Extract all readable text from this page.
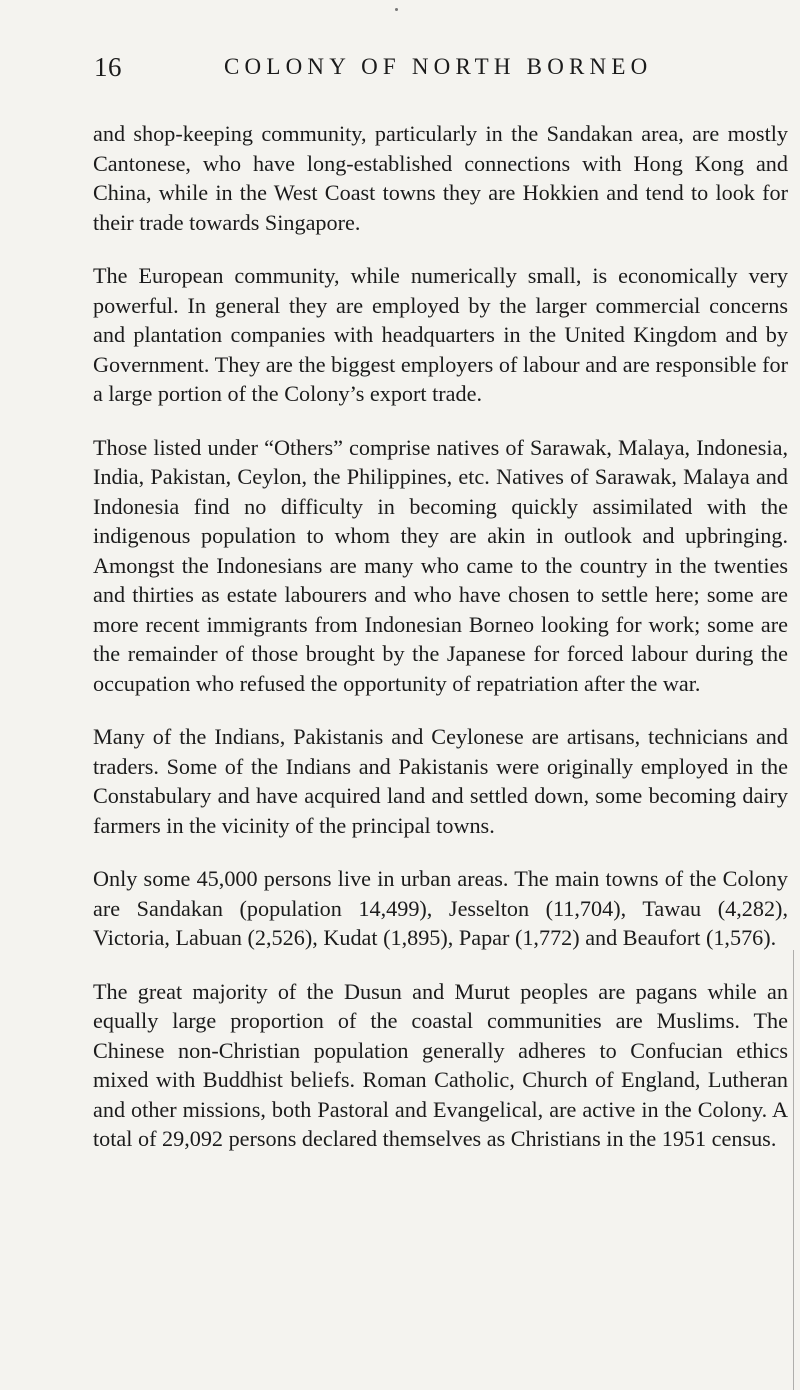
16	COLONY OF NORTH BORNEO

and shop-keeping community, particularly in the Sandakan area, are mostly Cantonese, who have long-established connections with Hong Kong and China, while in the West Coast towns they are Hokkien and tend to look for their trade towards Singapore.

The European community, while numerically small, is economically very powerful. In general they are employed by the larger commercial concerns and plantation companies with headquarters in the United Kingdom and by Government. They are the biggest employers of labour and are responsible for a large portion of the Colony’s export trade.

Those listed under “Others” comprise natives of Sarawak, Malaya, Indonesia, India, Pakistan, Ceylon, the Philippines, etc. Natives of Sarawak, Malaya and Indonesia find no difficulty in becoming quickly assimilated with the indigenous population to whom they are akin in outlook and upbringing. Amongst the Indonesians are many who came to the country in the twenties and thirties as estate labourers and who have chosen to settle here; some are more recent immigrants from Indonesian Borneo looking for work; some are the remainder of those brought by the Japanese for forced labour during the occupation who refused the opportunity of repatriation after the war.

Many of the Indians, Pakistanis and Ceylonese are artisans, technicians and traders. Some of the Indians and Pakistanis were originally employed in the Constabulary and have acquired land and settled down, some becoming dairy farmers in the vicinity of the principal towns.

Only some 45,000 persons live in urban areas. The main towns of the Colony are Sandakan (population 14,499), Jesselton (11,704), Tawau (4,282), Victoria, Labuan (2,526), Kudat (1,895), Papar (1,772) and Beaufort (1,576).

The great majority of the Dusun and Murut peoples are pagans while an equally large proportion of the coastal communities are Muslims. The Chinese non-Christian population generally adheres to Confucian ethics mixed with Buddhist beliefs. Roman Catholic, Church of England, Lutheran and other missions, both Pastoral and Evangelical, are active in the Colony. A total of 29,092 persons declared themselves as Christians in the 1951 census.
